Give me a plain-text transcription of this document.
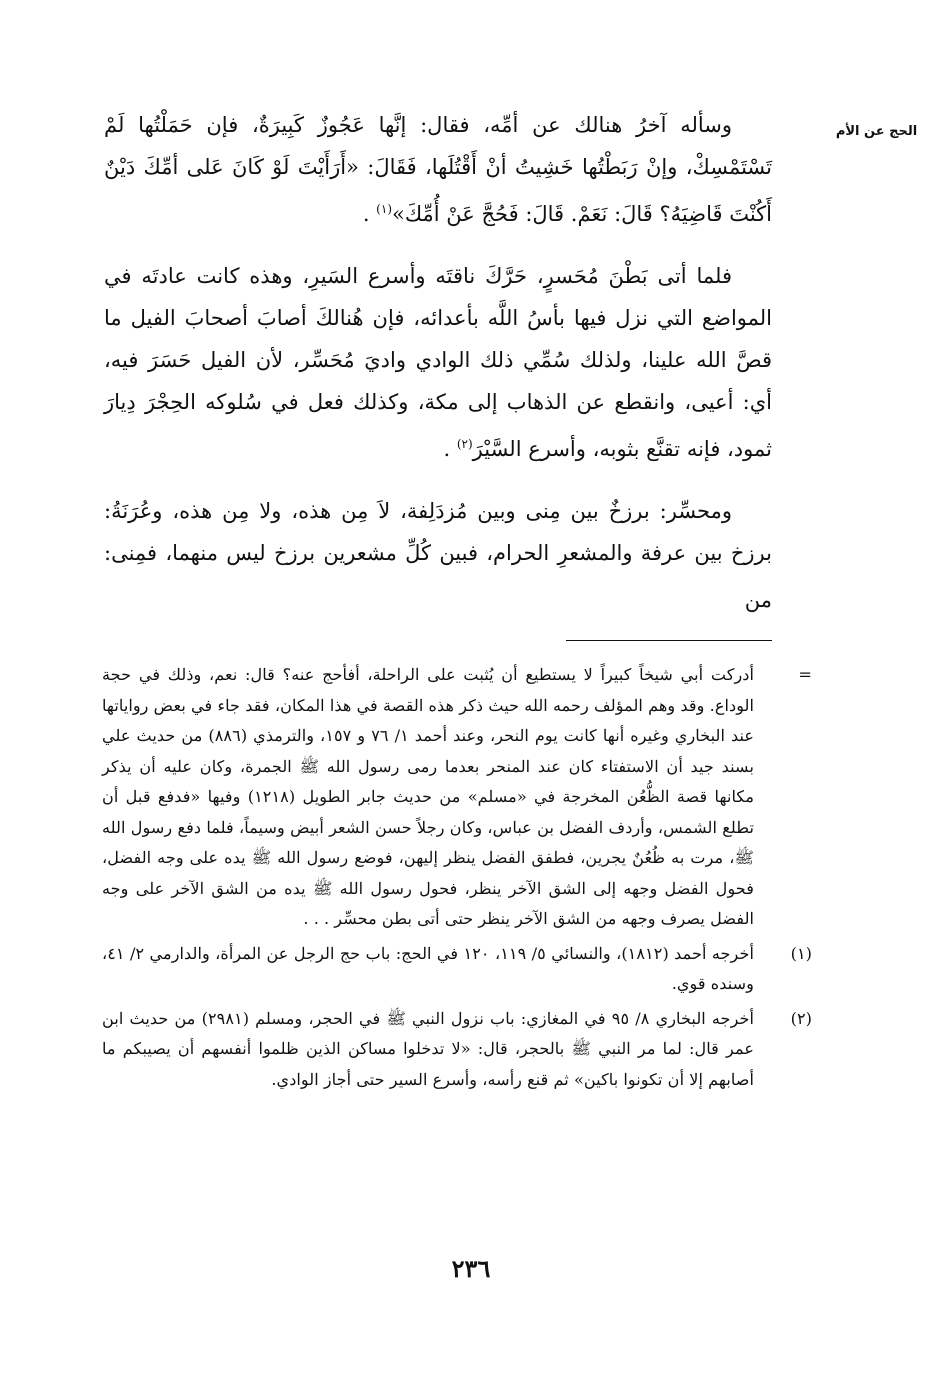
الحج عن الأم

وسأله آخرُ هنالك عن أمِّه، فقال: إنَّها عَجُوزٌ كَبِيرَةٌ، فإن حَمَلْتُها لَمْ تَسْتَمْسِكْ، وإنْ رَبَطْتُها خَشِيتُ أنْ أَقْتُلَها، فَقَالَ: «أَرَأَيْتَ لَوْ كَانَ عَلى أمِّكَ دَيْنٌ أَكُنْتَ قَاضِيَهُ؟ قَالَ: نَعَمْ. قَالَ: فَحُجَّ عَنْ أُمِّكَ»$^{(١)}$ .

فلما أتى بَطْنَ مُحَسرٍ، حَرَّكَ ناقتَه وأسرع السَيرِ، وهذه كانت عادتَه في المواضع التي نزل فيها بأسُ اللَّه بأعدائه، فإن هُنالكَ أصابَ أصحابَ الفيل ما قصَّ الله علينا، ولذلك سُمِّي ذلك الوادي واديَ مُحَسِّر، لأن الفيل حَسَرَ فيه، أي: أعيى، وانقطع عن الذهاب إلى مكة، وكذلك فعل في سُلوكه الحِجْرَ دِيارَ ثمود، فإنه تقنَّع بثوبه، وأسرع السَّيْرَ$^{(٢)}$ .

ومحسِّر: برزخٌ بين مِنى وبين مُزدَلِفة، لاَ مِن هذه، ولا مِن هذه، وعُرَنَةُ: برزخ بين عرفة والمشعرِ الحرام، فبين كُلِّ مشعرين برزخ ليس منهما، فمِنى: من

=
أدركت أبي شيخاً كبيراً لا يستطيع أن يُثبت على الراحلة، أفأحج عنه؟ قال: نعم، وذلك في حجة الوداع. وقد وهم المؤلف رحمه الله حيث ذكر هذه القصة في هذا المكان، فقد جاء في بعض رواياتها عند البخاري وغيره أنها كانت يوم النحر، وعند أحمد ١/ ٧٦ و ١٥٧، والترمذي (٨٨٦) من حديث علي بسند جيد أن الاستفتاء كان عند المنحر بعدما رمى رسول الله ﷺ الجمرة، وكان عليه أن يذكر مكانها قصة الظُّعُن المخرجة في «مسلم» من حديث جابر الطويل (١٢١٨) وفيها «فدفع قبل أن تطلع الشمس، وأردف الفضل بن عباس، وكان رجلاً حسن الشعر أبيض وسيماً، فلما دفع رسول الله ﷺ، مرت به ظُعُنٌ يجرين، فطفق الفضل ينظر إليهن، فوضع رسول الله ﷺ يده على وجه الفضل، فحول الفضل وجهه إلى الشق الآخر ينظر، فحول رسول الله ﷺ يده من الشق الآخر على وجه الفضل يصرف وجهه من الشق الآخر ينظر حتى أتى بطن محسِّر . . .
(١)
أخرجه أحمد (١٨١٢)، والنسائي ٥/ ١١٩، ١٢٠ في الحج: باب حج الرجل عن المرأة، والدارمي ٢/ ٤١، وسنده قوي.
(٢)
أخرجه البخاري ٨/ ٩٥ في المغازي: باب نزول النبي ﷺ في الحجر، ومسلم (٢٩٨١) من حديث ابن عمر قال: لما مر النبي ﷺ بالحجر، قال: «لا تدخلوا مساكن الذين ظلموا أنفسهم أن يصيبكم ما أصابهم إلا أن تكونوا باكين» ثم قنع رأسه، وأسرع السير حتى أجاز الوادي.
٢٣٦
